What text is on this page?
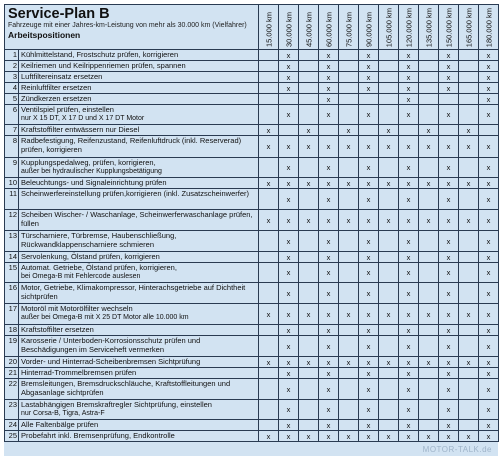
Service-Plan B
Fahrzeuge mit einer Jahres-km-Leistung von mehr als 30.000 km (Vielfahrer)
Arbeitspositionen		15.000 km	30.000 km	45.000 km	60.000 km	75.000 km	90.000 km	105.000 km	120.000 km	135.000 km	150.000 km	165.000 km	180.000 km

1	Kühlmittelstand, Frostschutz prüfen, korrigieren		x		x		x		x		x		x
2	Keilriemen und Keilrippenriemen prüfen, spannen		x		x		x		x		x		x
3	Luftfiltereinsatz ersetzen		x		x		x		x		x		x
4	Reinluftfilter ersetzen		x		x		x		x		x		x
5	Zündkerzen ersetzen				x				x				x
6	Ventilspiel prüfen, einstellen
nur X 15 DT, X 17 D und X 17 DT Motor		x		x		x		x		x		x
7	Kraftstoffilter entwässern nur Diesel	x		x		x		x		x		x	
8	Radbefestigung, Reifenzustand, Reifenluftdruck (inkl. Reserverad) prüfen, korrigieren	x	x	x	x	x	x	x	x	x	x	x	x
9	Kupplungspedalweg, prüfen, korrigieren,
außer bei hydraulischer Kupplungsbetätigung		x		x		x		x		x		x
10	Beleuchtungs- und Signaleinrichtung prüfen	x	x	x	x	x	x	x	x	x	x	x	x
11	Scheinwerfereinstellung prüfen,korrigieren (inkl. Zusatzscheinwerfer)		x		x		x		x		x		x
12	Scheiben Wischer- / Waschanlage, Scheinwerferwaschanlage prüfen, füllen	x	x	x	x	x	x	x	x	x	x	x	x
13	Türscharniere, Türbremse, Haubenschließung, Rückwandklappenscharniere schmieren		x		x		x		x		x		x
14	Servolenkung, Ölstand prüfen, korrigieren		x		x		x		x		x		x
15	Automat. Getriebe, Ölstand prüfen, korrigieren,
bei Omega-B mit Fehlercode auslesen		x		x		x		x		x		x
16	Motor, Getriebe, Klimakompressor, Hinterachsgetriebe auf Dichtheit sichtprüfen		x		x		x		x		x		x
17	Motoröl mit Motorölfilter wechseln
außer bei Omega-B mit X 25 DT Motor alle 10.000 km	x	x	x	x	x	x	x	x	x	x	x	x
18	Kraftstoffilter ersetzen		x		x		x		x		x		x
19	Karosserie / Unterboden-Korrosionsschutz prüfen und Beschädigungen im Serviceheft vermerken		x		x		x		x		x		x
20	Vorder- und Hinterrad-Scheibenbremsen Sichtprüfung	x	x	x	x	x	x	x	x	x	x	x	x
21	Hinterrad-Trommelbremsen prüfen		x		x		x		x		x		x
22	Bremsleitungen, Bremsdruckschläuche, Kraftstoffleitungen und Abgasanlage sichtprüfen		x		x		x		x		x		x
23	Lastabhängigen Bremskraftregler Sichtprüfung, einstellen
nur Corsa-B, Tigra, Astra-F		x		x		x		x		x		x
24	Alle Faltenbälge prüfen		x		x		x		x		x		x
25	Probefahrt inkl. Bremsenprüfung, Endkontrolle	x	x	x	x	x	x	x	x	x	x	x	x
MOTOR-TALK.de
